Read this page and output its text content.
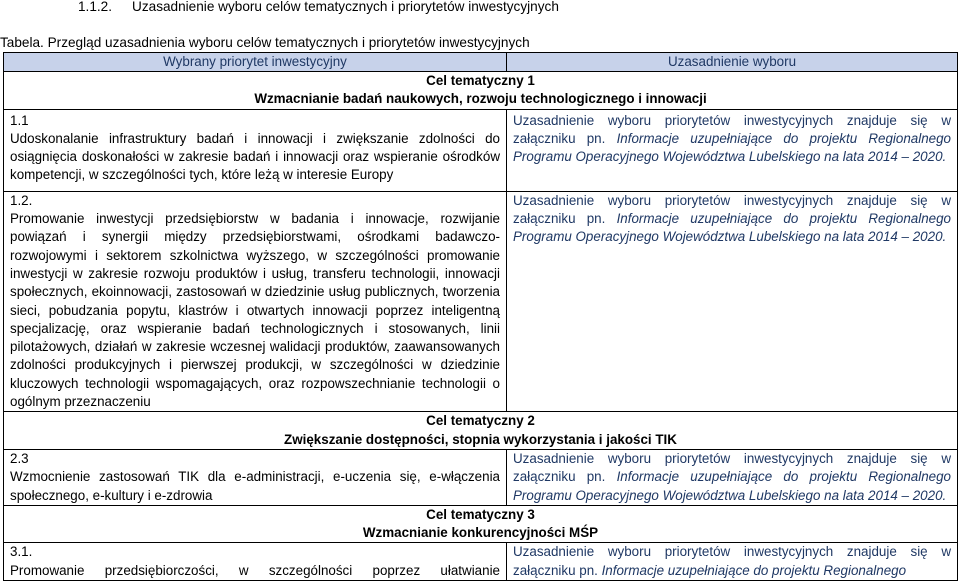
1.1.2. Uzasadnienie wyboru celów tematycznych i priorytetów inwestycyjnych
Tabela. Przegląd uzasadnienia wyboru celów tematycznych i priorytetów inwestycyjnych
Wybrany priorytet inwestycyjny	Uzasadnienie wyboru

Cel tematyczny 1
Wzmacnianie badań naukowych, rozwoju technologicznego i innowacji	

1.1
Udoskonalanie infrastruktury badań i innowacji i zwiększanie zdolności do osiągnięcia doskonałości w zakresie badań i innowacji oraz wspieranie ośrodków kompetencji, w szczególności tych, które leżą w interesie Europy	Uzasadnienie wyboru priorytetów inwestycyjnych znajduje się w załączniku pn. Informacje uzupełniające do projektu Regionalnego Programu Operacyjnego Województwa Lubelskiego na lata 2014 – 2020.

1.2.
Promowanie inwestycji przedsiębiorstw w badania i innowacje, rozwijanie powiązań i synergii między przedsiębiorstwami, ośrodkami badawczo-rozwojowymi i sektorem szkolnictwa wyższego, w szczególności promowanie inwestycji w zakresie rozwoju produktów i usług, transferu technologii, innowacji społecznych, ekoinnowacji, zastosowań w dziedzinie usług publicznych, tworzenia sieci, pobudzania popytu, klastrów i otwartych innowacji poprzez inteligentną specjalizację, oraz wspieranie badań technologicznych i stosowanych, linii pilotażowych, działań w zakresie wczesnej walidacji produktów, zaawansowanych zdolności produkcyjnych i pierwszej produkcji, w szczególności w dziedzinie kluczowych technologii wspomagających, oraz rozpowszechnianie technologii o ogólnym przeznaczeniu	Uzasadnienie wyboru priorytetów inwestycyjnych znajduje się w załączniku pn. Informacje uzupełniające do projektu Regionalnego Programu Operacyjnego Województwa Lubelskiego na lata 2014 – 2020.

Cel tematyczny 2
Zwiększanie dostępności, stopnia wykorzystania i jakości TIK	

2.3
Wzmocnienie zastosowań TIK dla e-administracji, e-uczenia się, e-włączenia społecznego, e-kultury i e-zdrowia	Uzasadnienie wyboru priorytetów inwestycyjnych znajduje się w załączniku pn. Informacje uzupełniające do projektu Regionalnego Programu Operacyjnego Województwa Lubelskiego na lata 2014 – 2020.

Cel tematyczny 3
Wzmacnianie konkurencyjności MŚP	

3.1.
Promowanie przedsiębiorczości, w szczególności poprzez ułatwianie	Uzasadnienie wyboru priorytetów inwestycyjnych znajduje się w załączniku pn. Informacje uzupełniające do projektu Regionalnego
